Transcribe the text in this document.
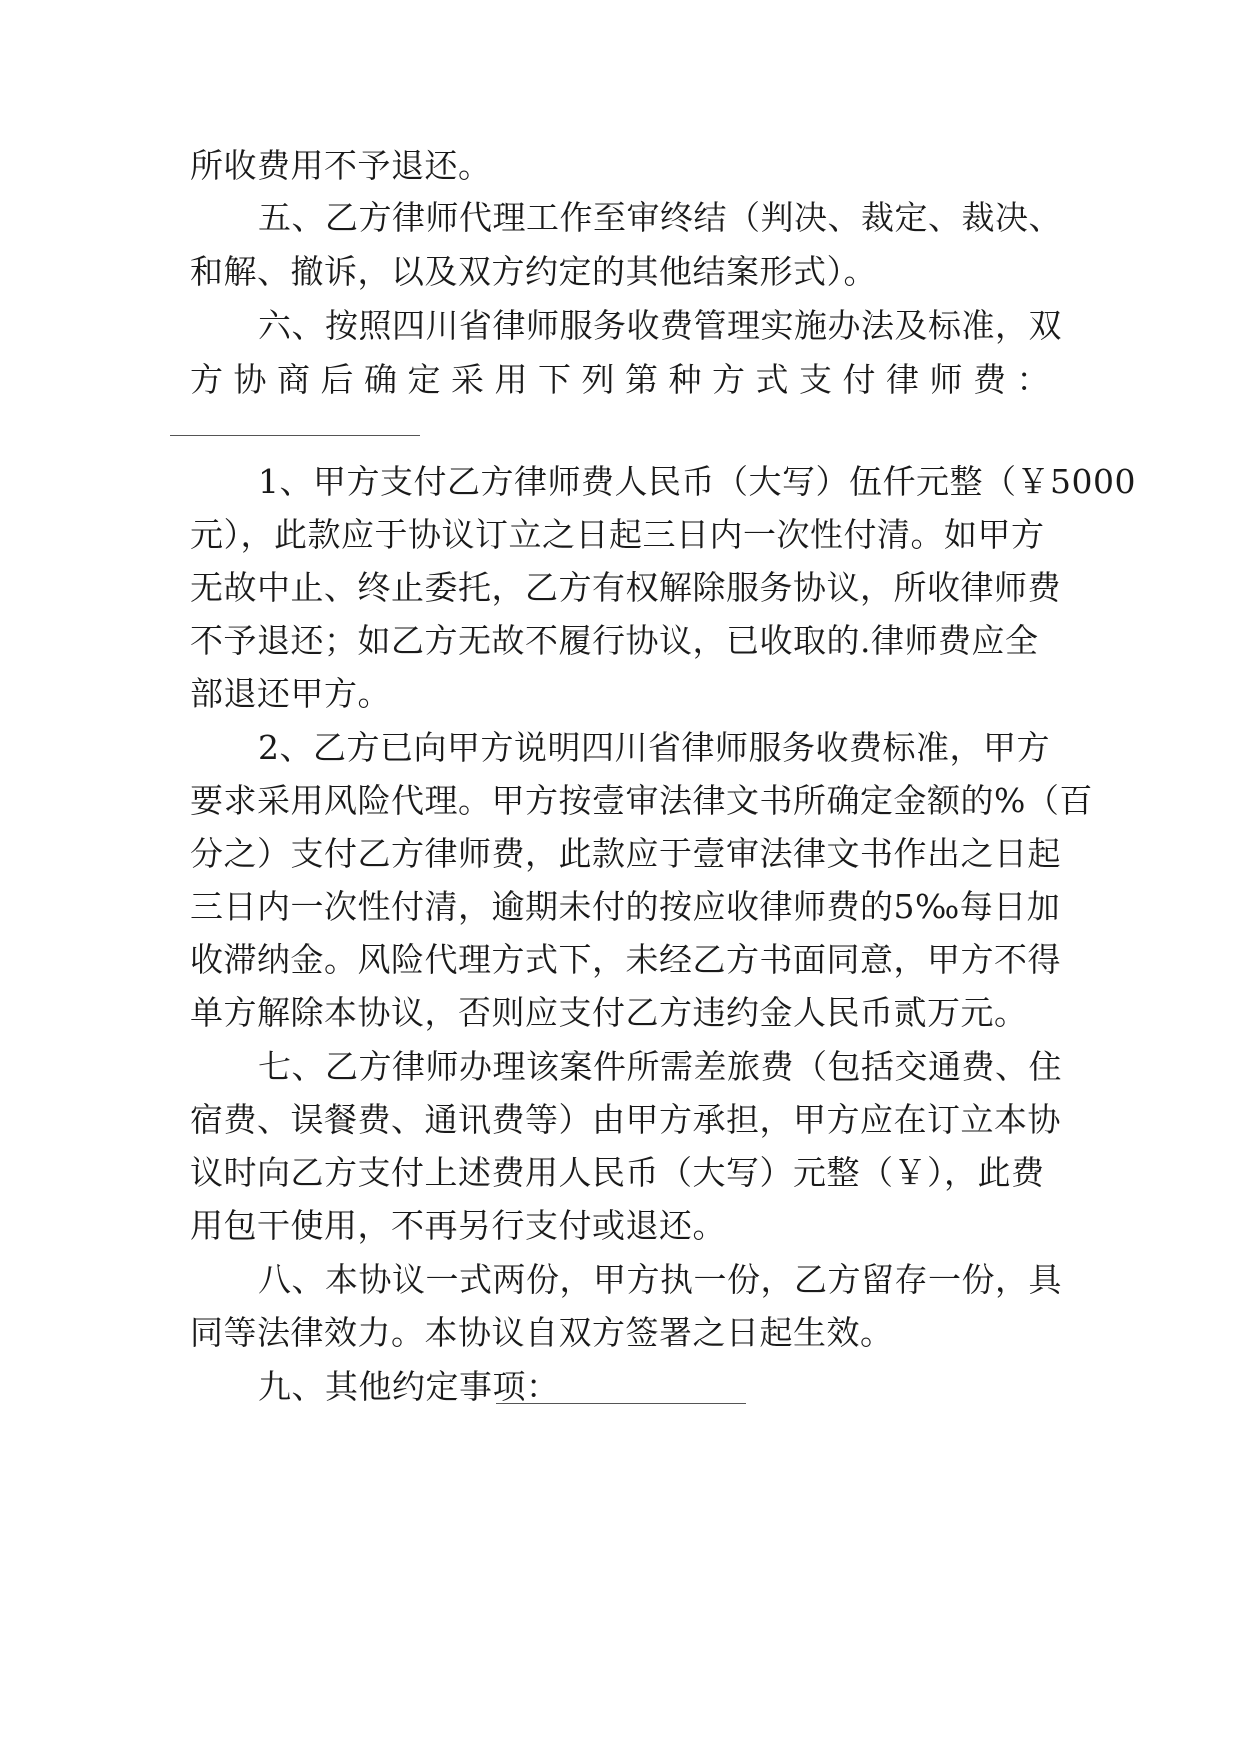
所收费用不予退还。
五、乙方律师代理工作至审终结（判决、裁定、裁决、
和解、撤诉，以及双方约定的其他结案形式）。
六、按照四川省律师服务收费管理实施办法及标准，双
方 协 商 后 确 定 采 用 下 列 第 种 方 式 支 付 律 师 费 ：
1、甲方支付乙方律师费人民币（大写）伍仟元整（￥5000
元），此款应于协议订立之日起三日内一次性付清。如甲方
无故中止、终止委托，乙方有权解除服务协议，所收律师费
不予退还；如乙方无故不履行协议，已收取的.律师费应全
部退还甲方。
2、乙方已向甲方说明四川省律师服务收费标准，甲方
要求采用风险代理。甲方按壹审法律文书所确定金额的%（百
分之）支付乙方律师费，此款应于壹审法律文书作出之日起
三日内一次性付清，逾期未付的按应收律师费的5‰每日加
收滞纳金。风险代理方式下，未经乙方书面同意，甲方不得
单方解除本协议，否则应支付乙方违约金人民币贰万元。
七、乙方律师办理该案件所需差旅费（包括交通费、住
宿费、误餐费、通讯费等）由甲方承担，甲方应在订立本协
议时向乙方支付上述费用人民币（大写）元整（￥），此费
用包干使用，不再另行支付或退还。
八、本协议一式两份，甲方执一份，乙方留存一份，具
同等法律效力。本协议自双方签署之日起生效。
九、其他约定事项：
